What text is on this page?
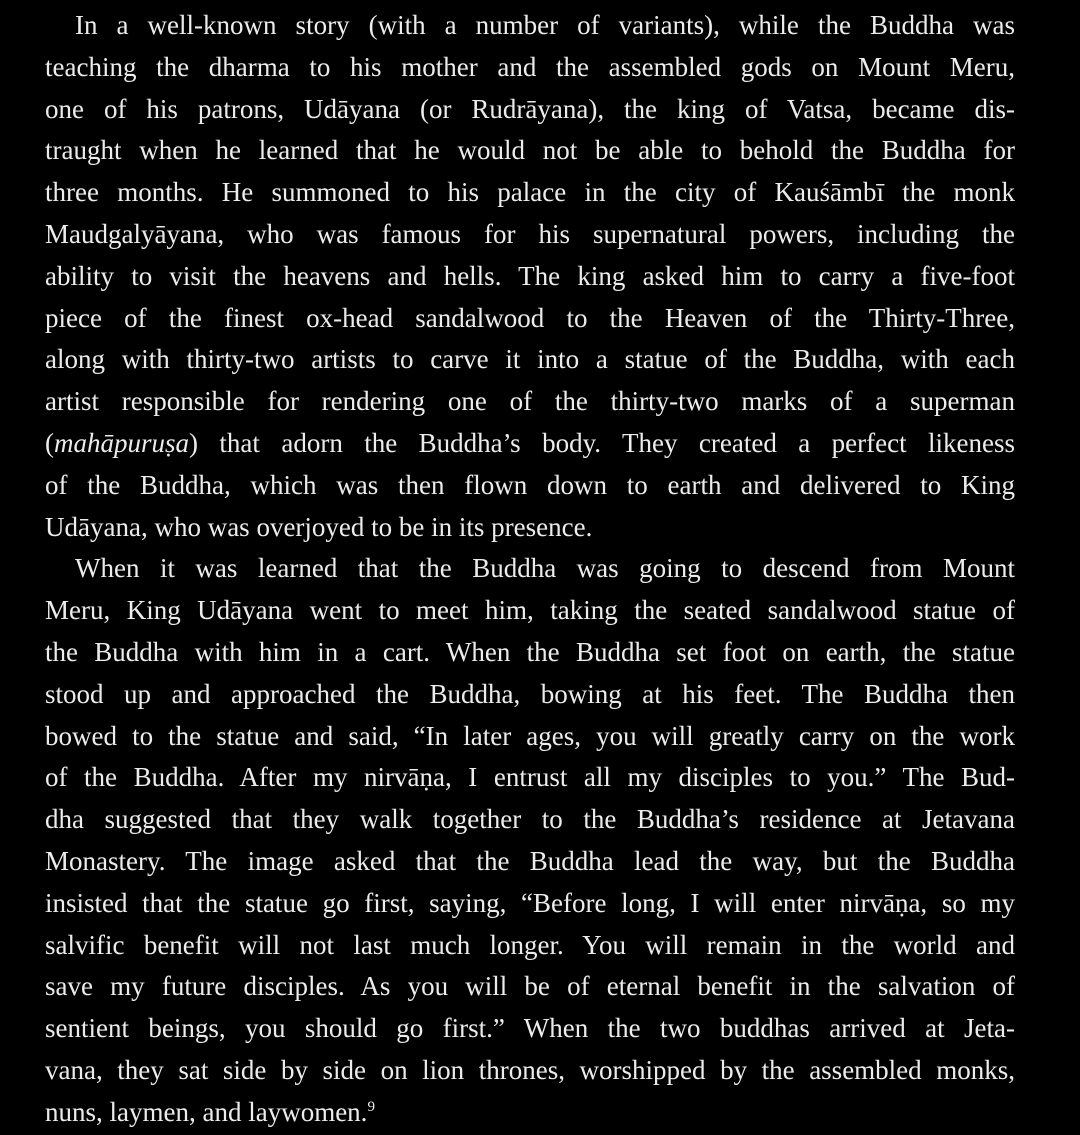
In a well-known story (with a number of variants), while the Buddha was
teaching the dharma to his mother and the assembled gods on Mount Meru,
one of his patrons, Udāyana (or Rudrāyana), the king of Vatsa, became dis-
traught when he learned that he would not be able to behold the Buddha for
three months. He summoned to his palace in the city of Kauśāmbī the monk
Maudgalyāyana, who was famous for his supernatural powers, including the
ability to visit the heavens and hells. The king asked him to carry a five-foot
piece of the finest ox-head sandalwood to the Heaven of the Thirty-Three,
along with thirty-two artists to carve it into a statue of the Buddha, with each
artist responsible for rendering one of the thirty-two marks of a superman
(mahāpuruṣa) that adorn the Buddha’s body. They created a perfect likeness
of the Buddha, which was then flown down to earth and delivered to King
Udāyana, who was overjoyed to be in its presence.
When it was learned that the Buddha was going to descend from Mount
Meru, King Udāyana went to meet him, taking the seated sandalwood statue of
the Buddha with him in a cart. When the Buddha set foot on earth, the statue
stood up and approached the Buddha, bowing at his feet. The Buddha then
bowed to the statue and said, “In later ages, you will greatly carry on the work
of the Buddha. After my nirvāṇa, I entrust all my disciples to you.” The Bud-
dha suggested that they walk together to the Buddha’s residence at Jetavana
Monastery. The image asked that the Buddha lead the way, but the Buddha
insisted that the statue go first, saying, “Before long, I will enter nirvāṇa, so my
salvific benefit will not last much longer. You will remain in the world and
save my future disciples. As you will be of eternal benefit in the salvation of
sentient beings, you should go first.” When the two buddhas arrived at Jeta-
vana, they sat side by side on lion thrones, worshipped by the assembled monks,
nuns, laymen, and laywomen.$^9$
